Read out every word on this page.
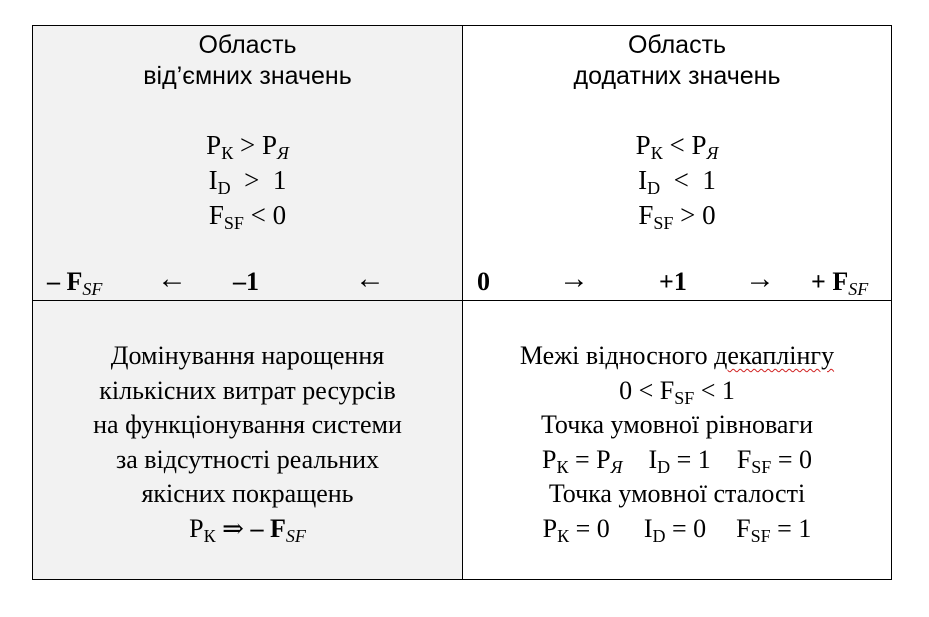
Область
від’ємних значень
$P_К > P_Я$
$I_D > 1$
$F_{SF} < 0$
– $F_{SF}$ ← –1	←
Область
додатних значень
$P_К < P_Я$
$I_D < 1$
$F_{SF} > 0$
0 →	+1 → + $F_{SF}$
Домінування нарощення
кількісних витрат ресурсів
на функціонування системи
за відсутності реальних
якісних покращень
$P_К$ ⇒ – $F_{SF}$
Межі відносного декаплінгу
$0 < F_{SF} < 1$
Точка умовної рівноваги
$P_К = P_Я$ $I_D = 1$ $F_{SF} = 0$
Точка умовної сталості
$P_К = 0$ $I_D = 0$ $F_{SF} = 1$
